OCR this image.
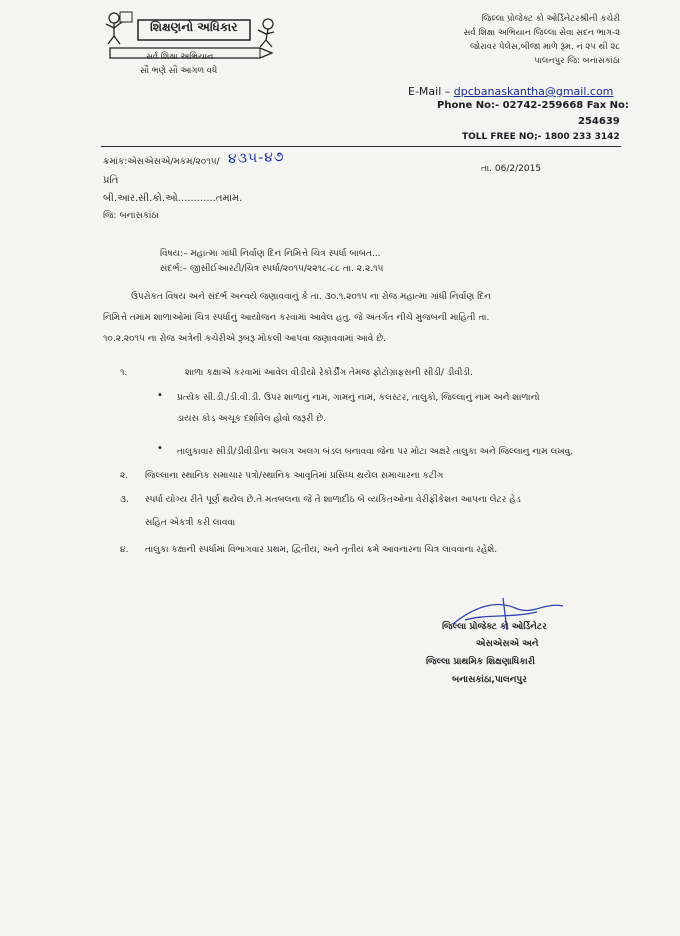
શિક્ષણનો અધિકાર
સર્વ શિક્ષા અભિયાન
સૌ ભણે સૌ આગળ વધે
જિલ્લા પ્રોજેક્ટ કો ઓર્ડિનેટરશ્રીની કચેરી
સર્વ શિક્ષા અભિયાન જિલ્લા સેવા સદન ભાગ-૨
જોરાવર પેલેસ,બીજા માળે રૂમ. નં ૨૫ થી ૨૮
પાલનપુર જિ: બનાસકાંઠા
E-Mail – dpcbanaskantha@gmail.com
Phone No:- 02742-259668 Fax No:
254639
TOLL FREE NO;- 1800 233 3142
ક્રમાંક:એસએસએ/મકમ/૨૦૧૫/ ૪૩૫-૪૭
તા. 06/2/2015
પ્રતિ
બી.આર.સી.કો.ઓ............તમામ.
જિ: બનાસકાંઠા
વિષય:– મહાત્મા ગાંધી નિર્વાણ દિન નિમિત્તે ચિત્ર સ્પર્ધા બાબત...
સંદર્ભ:– જીસીઈઆરટી/ચિત્ર સ્પર્ધા/૨૦૧૫/૨૨૧૮-૮૮ તા. ૨.૨.૧૫
ઉપરોકત વિષય અને સંદર્ભ અન્વયે જણાવવાનું કે તા. ૩૦.૧.૨૦૧૫ ના રોજ મહાત્મા ગાંધી નિર્વાણ દિન
નિમિત્તે તમામ શાળાઓમાં ચિત્ર સ્પર્ધાનું આયોજન કરવામાં આવેલ હતુ. જે અંતર્ગત નીચે મુજબની માહિતી તા.
૧૦.૨.૨૦૧૫ ના રોજ અત્રેની કચેરીએ રૂબરૂ મોકલી આપવા જણાવવામાં આવે છે.
૧.	શાળા કક્ષાએ કરવામાં આવેલ વીડીયો રેકોર્ડીંગ તેમજ ફોટોગ્રાફસની સીડી/ ડીવીડી.
• પ્રત્યેક સી.ડી./ડી.વી.ડી. ઉપર શાળાનું નામ, ગામનું નામ, કલસ્ટર, તાલુકો, જિલ્લાનું નામ અને શાળાનો
ડાયસ કોડ અચૂક દર્શાવેલ હોવો જરૂરી છે.
• તાલુકાવાર સીડી/ડીવીડીના અલગ અલગ બંડલ બનાવવા જેના પર મોટા અક્ષરે તાલુકા અને જિલ્લાનુ નામ લખવુ.
૨. જિલ્લાના સ્થાનિક સમાચાર પત્રો/સ્થાનિક આવૃતિમાં પ્રસિધ્ધ થયેલ સમાચારના કટીંગ
૩. સ્પર્ધા યોગ્ય રીતે પૂર્ણ થયેલ છે.તે મતબલના જે તે શાળાદીઠ બે વ્યકિતઓના વેરીફીકેશન આપના લેટર હેડ
સહિત એકત્રી કરી લાવવા
૪. તાલુકા કક્ષાની સ્પર્ધામાં વિભાગવાર પ્રથમ, દ્વિતીય, અને તૃતીય ક્રમે આવનારના ચિત્ર લાવવાના રહેશે.
જિલ્લા પ્રોજેક્ટ કો ઓર્ડિનેટર
એસએસએ અને
જિલ્લા પ્રાથમિક શિક્ષણાધિકારી
બનાસકાંઠા,પાલનપુર
